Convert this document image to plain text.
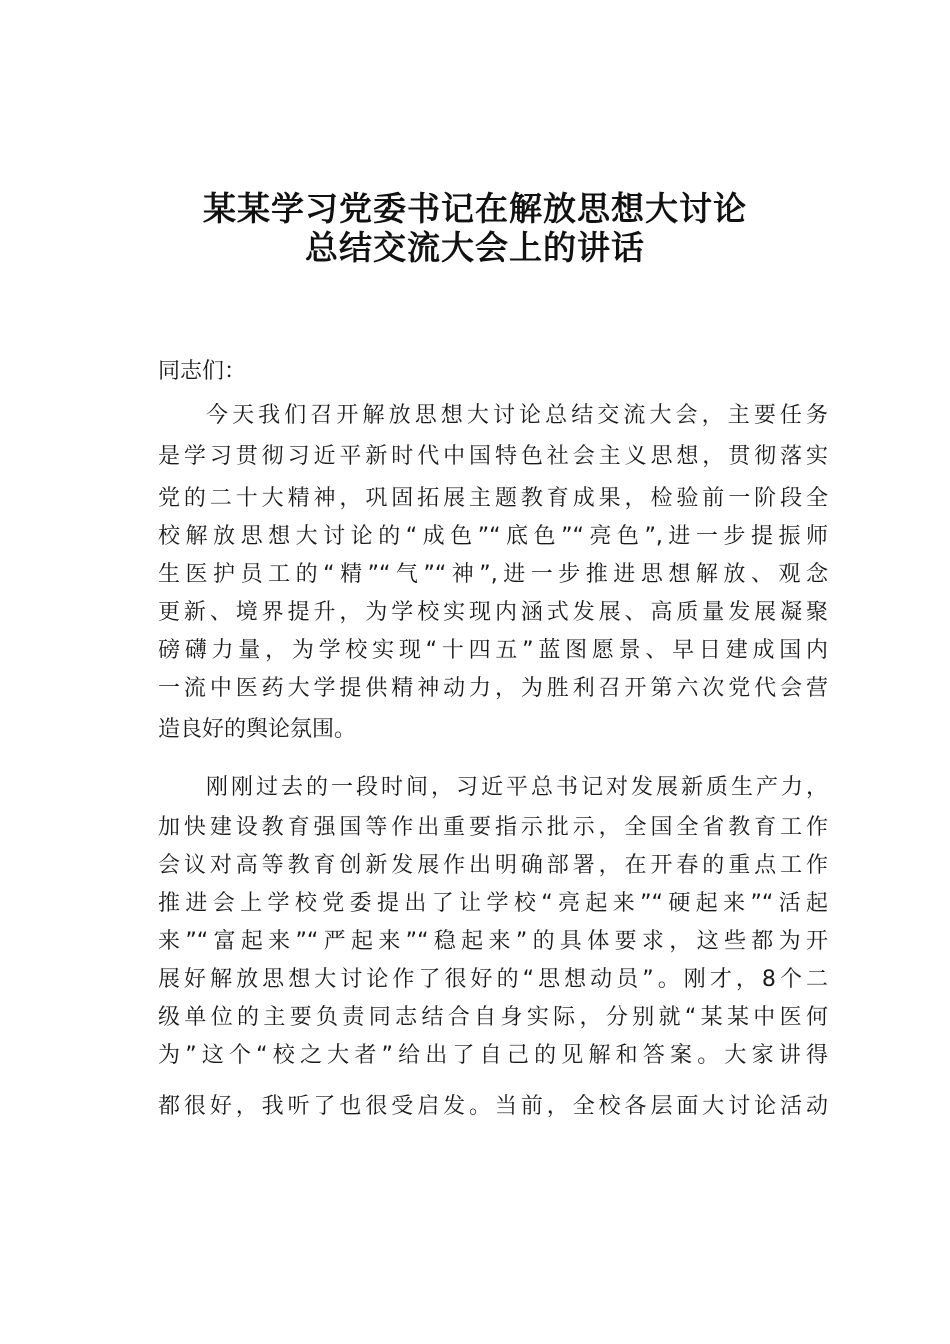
某某学习党委书记在解放思想大讨论
总结交流大会上的讲话
同志们：
今天我们召开解放思想大讨论总结交流大会，主要任务
是学习贯彻习近平新时代中国特色社会主义思想，贯彻落实
党的二十大精神，巩固拓展主题教育成果，检验前一阶段全
校解放思想大讨论的“成色”“底色”“亮色”,进一步提振师
生医护员工的“精”“气”“神”,进一步推进思想解放、观念
更新、境界提升，为学校实现内涵式发展、高质量发展凝聚
磅礴力量，为学校实现“十四五”蓝图愿景、早日建成国内
一流中医药大学提供精神动力，为胜利召开第六次党代会营
造良好的舆论氛围。
刚刚过去的一段时间，习近平总书记对发展新质生产力，
加快建设教育强国等作出重要指示批示，全国全省教育工作
会议对高等教育创新发展作出明确部署，在开春的重点工作
推进会上学校党委提出了让学校“亮起来”“硬起来”“活起
来”“富起来”“严起来”“稳起来”的具体要求，这些都为开
展好解放思想大讨论作了很好的“思想动员”。刚才，8个二
级单位的主要负责同志结合自身实际，分别就“某某中医何
为”这个“校之大者”给出了自己的见解和答案。大家讲得
都很好，我听了也很受启发。当前，全校各层面大讨论活动
